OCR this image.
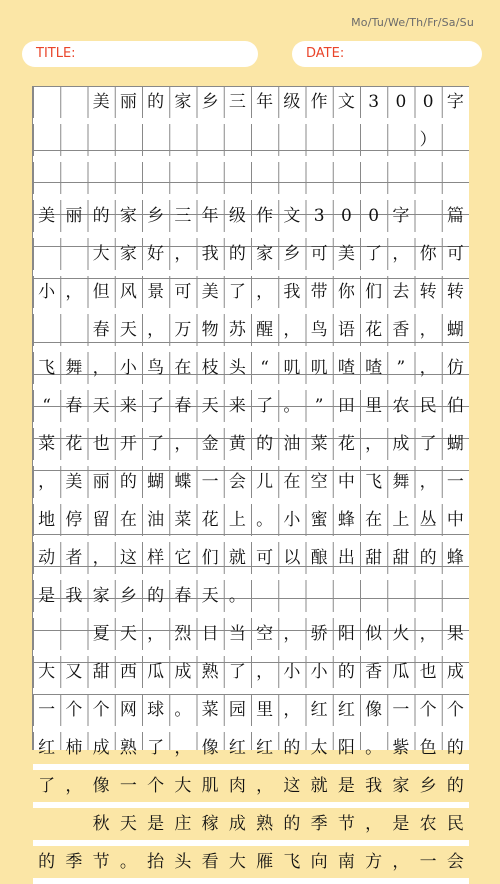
Mo/Tu/We/Th/Fr/Sa/Su
TITLE:	DATE:
美 丽 的 家 乡 三 年 级 作 文 3 0 0 字
）
美 丽 的 家 乡 三 年 级 作 文 3 0 0 字	篇
大 家 好 ， 我 的 家 乡 可 美 了 ， 你 可
小 ， 但 风 景 可 美 了 ， 我 带 你 们 去 转 转
春 天 ， 万 物 苏 醒 ， 鸟 语 花 香 ， 蝴
飞 舞 ， 小 鸟 在 枝 头 “ 叽 叽 喳 喳 ” ， 仿
“ 春 天 来 了 春 天 来 了 。 ” 田 里 农 民 伯
菜 花 也 开 了 ， 金 黄 的 油 菜 花 ， 成 了 蝴
， 美 丽 的 蝴 蝶 一 会 儿 在 空 中 飞 舞 ， 一
地 停 留 在 油 菜 花 上 。 小 蜜 蜂 在 上 丛 中
动 者 ， 这 样 它 们 就 可 以 酿 出 甜 甜 的 蜂
是 我 家 乡 的 春 天 。
夏 天 ， 烈 日 当 空 ， 骄 阳 似 火 ， 果
大 又 甜 西 瓜 成 熟 了 ， 小 小 的 香 瓜 也 成
一 个 个 网 球 。 菜 园 里 ， 红 红 像 一 个 个
红 柿 成 熟 了 ， 像 红 红 的 太 阳 。 紫 色 的
了 ， 像 一 个 大 肌 肉 ， 这 就 是 我 家 乡 的
秋 天 是 庄 稼 成 熟 的 季 节 ， 是 农 民
的 季 节 。 抬 头 看 大 雁 飞 向 南 方 ， 一 会
